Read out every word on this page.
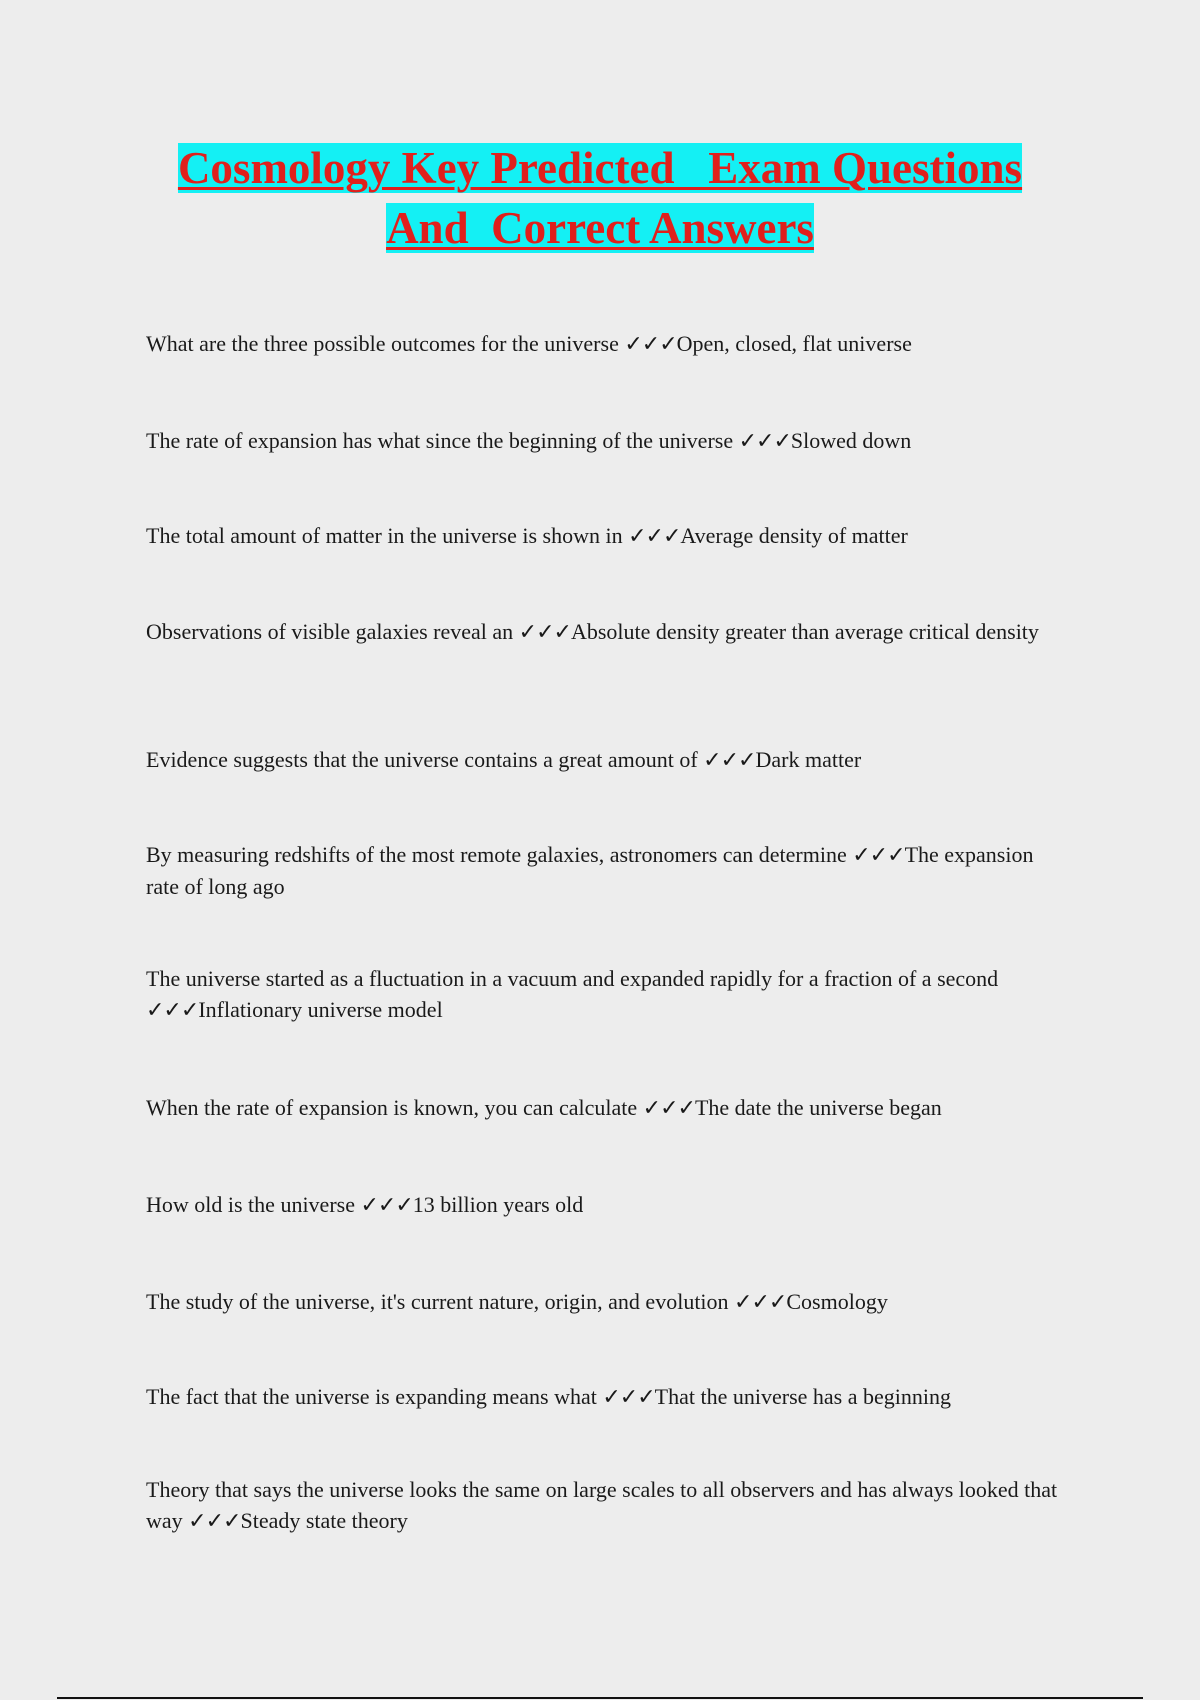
Cosmology Key Predicted   Exam Questions
And  Correct Answers
What are the three possible outcomes for the universe ✓✓✓Open, closed, flat universe
The rate of expansion has what since the beginning of the universe ✓✓✓Slowed down
The total amount of matter in the universe is shown in ✓✓✓Average density of matter
Observations of visible galaxies reveal an ✓✓✓Absolute density greater than average critical density
Evidence suggests that the universe contains a great amount of ✓✓✓Dark matter
By measuring redshifts of the most remote galaxies, astronomers can determine ✓✓✓The expansion rate of long ago
The universe started as a fluctuation in a vacuum and expanded rapidly for a fraction of a second ✓✓✓Inflationary universe model
When the rate of expansion is known, you can calculate ✓✓✓The date the universe began
How old is the universe ✓✓✓13 billion years old
The study of the universe, it's current nature, origin, and evolution ✓✓✓Cosmology
The fact that the universe is expanding means what ✓✓✓That the universe has a beginning
Theory that says the universe looks the same on large scales to all observers and has always looked that way ✓✓✓Steady state theory
